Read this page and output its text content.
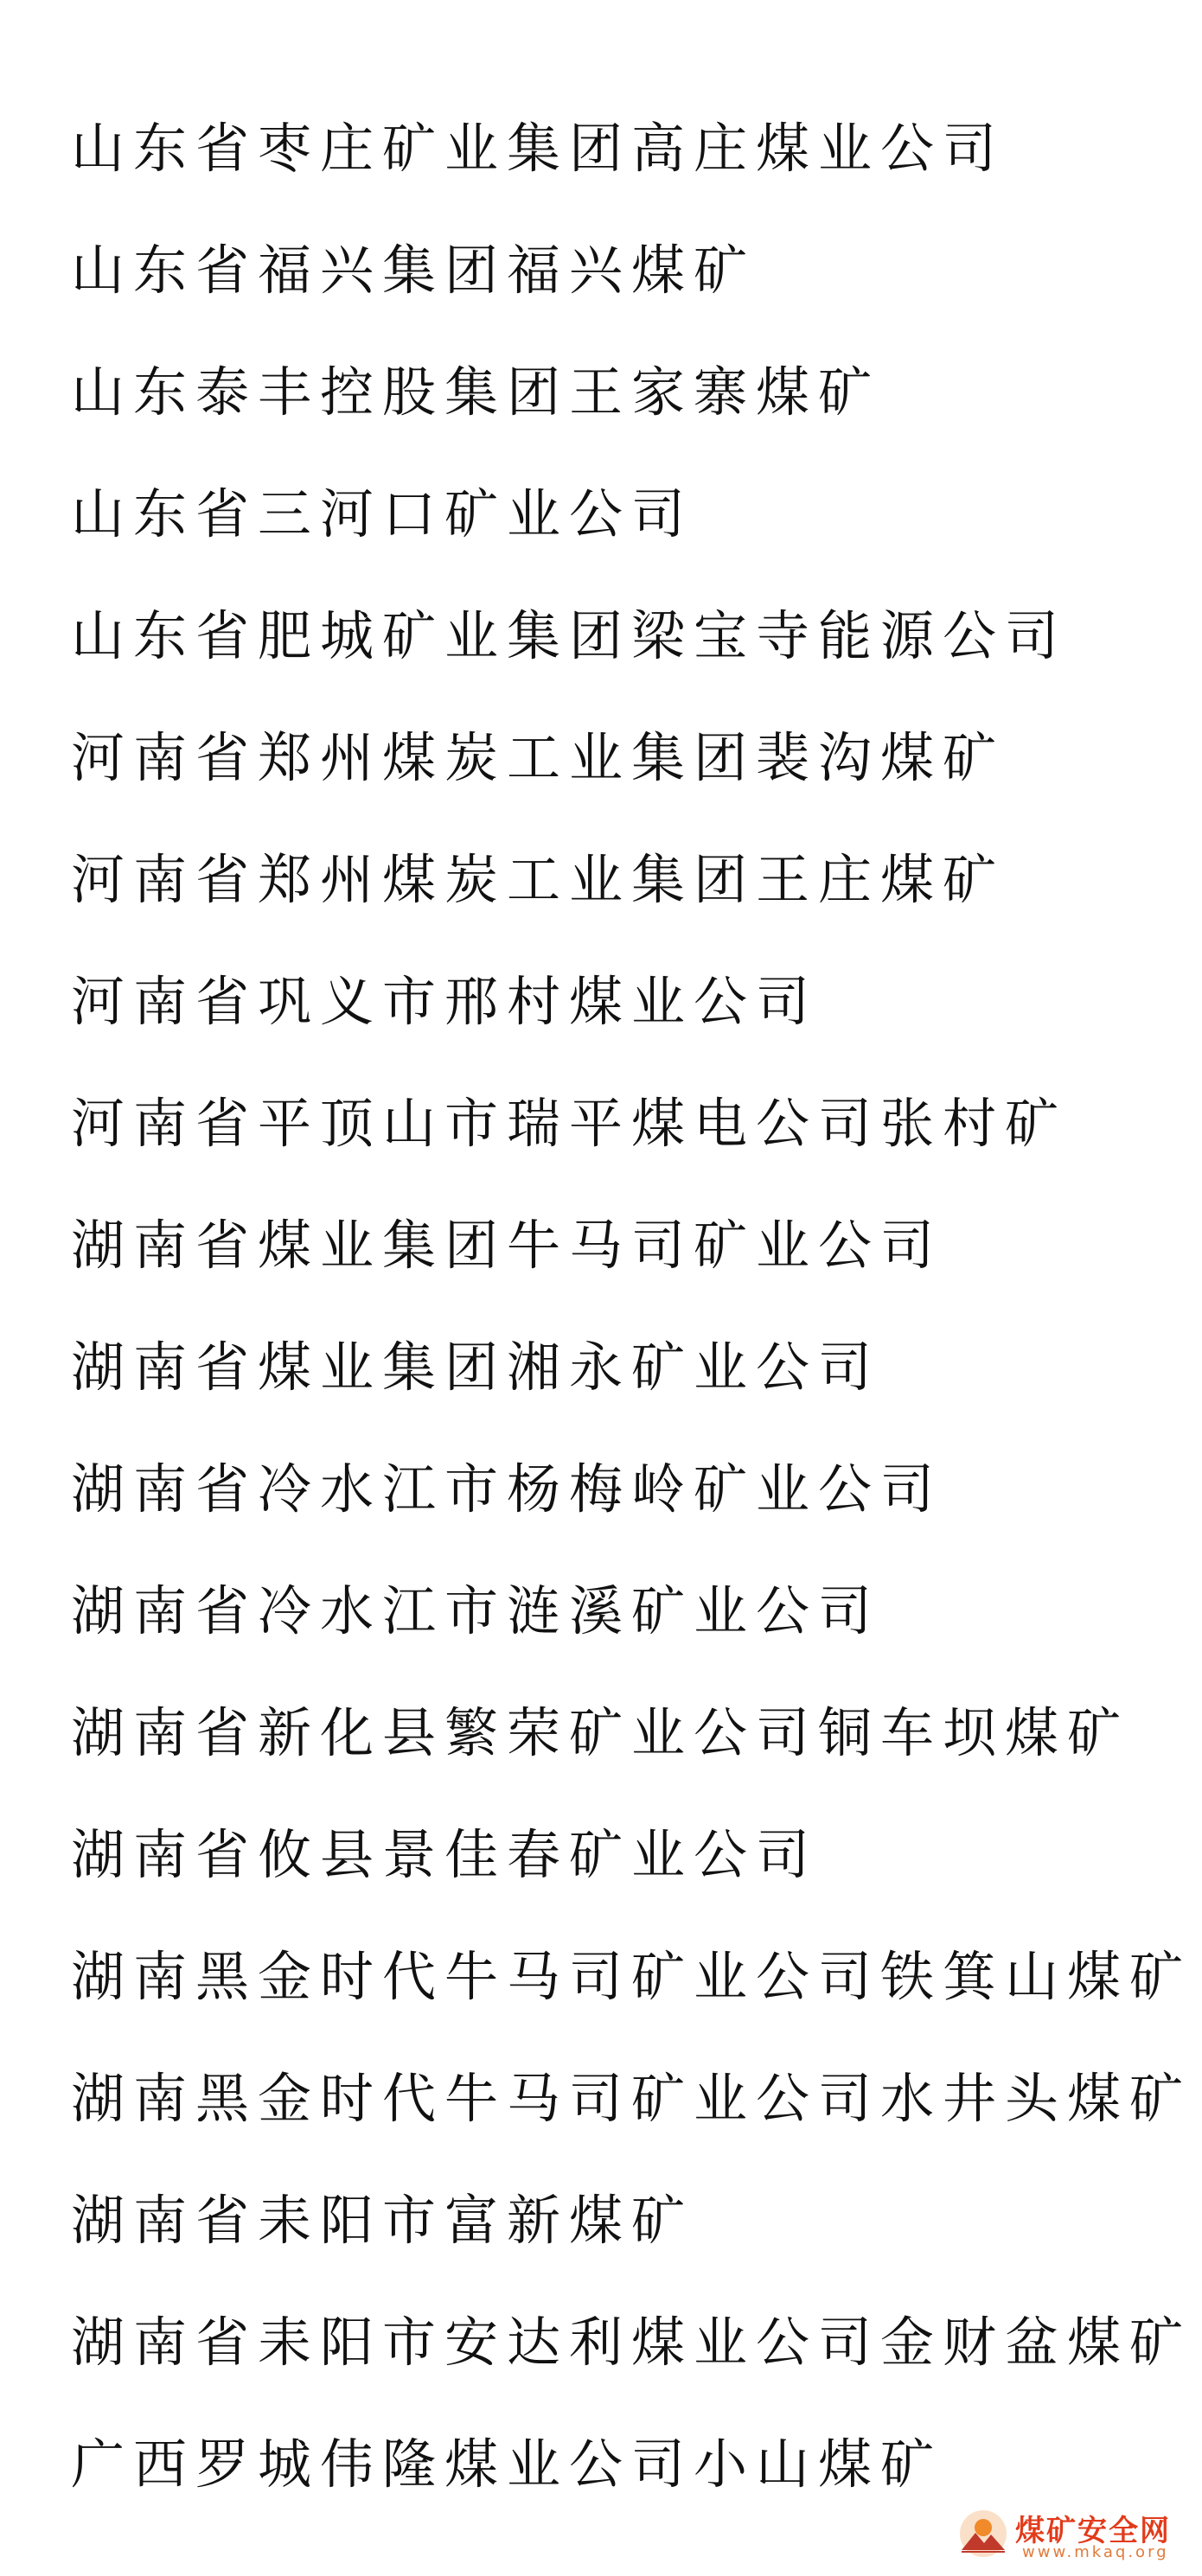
山东省枣庄矿业集团高庄煤业公司
山东省福兴集团福兴煤矿
山东泰丰控股集团王家寨煤矿
山东省三河口矿业公司
山东省肥城矿业集团梁宝寺能源公司
河南省郑州煤炭工业集团裴沟煤矿
河南省郑州煤炭工业集团王庄煤矿
河南省巩义市邢村煤业公司
河南省平顶山市瑞平煤电公司张村矿
湖南省煤业集团牛马司矿业公司
湖南省煤业集团湘永矿业公司
湖南省冷水江市杨梅岭矿业公司
湖南省冷水江市涟溪矿业公司
湖南省新化县繁荣矿业公司铜车坝煤矿
湖南省攸县景佳春矿业公司
湖南黑金时代牛马司矿业公司铁箕山煤矿
湖南黑金时代牛马司矿业公司水井头煤矿
湖南省耒阳市富新煤矿
湖南省耒阳市安达利煤业公司金财盆煤矿
广西罗城伟隆煤业公司小山煤矿
煤矿安全网
www.mkaq.org
